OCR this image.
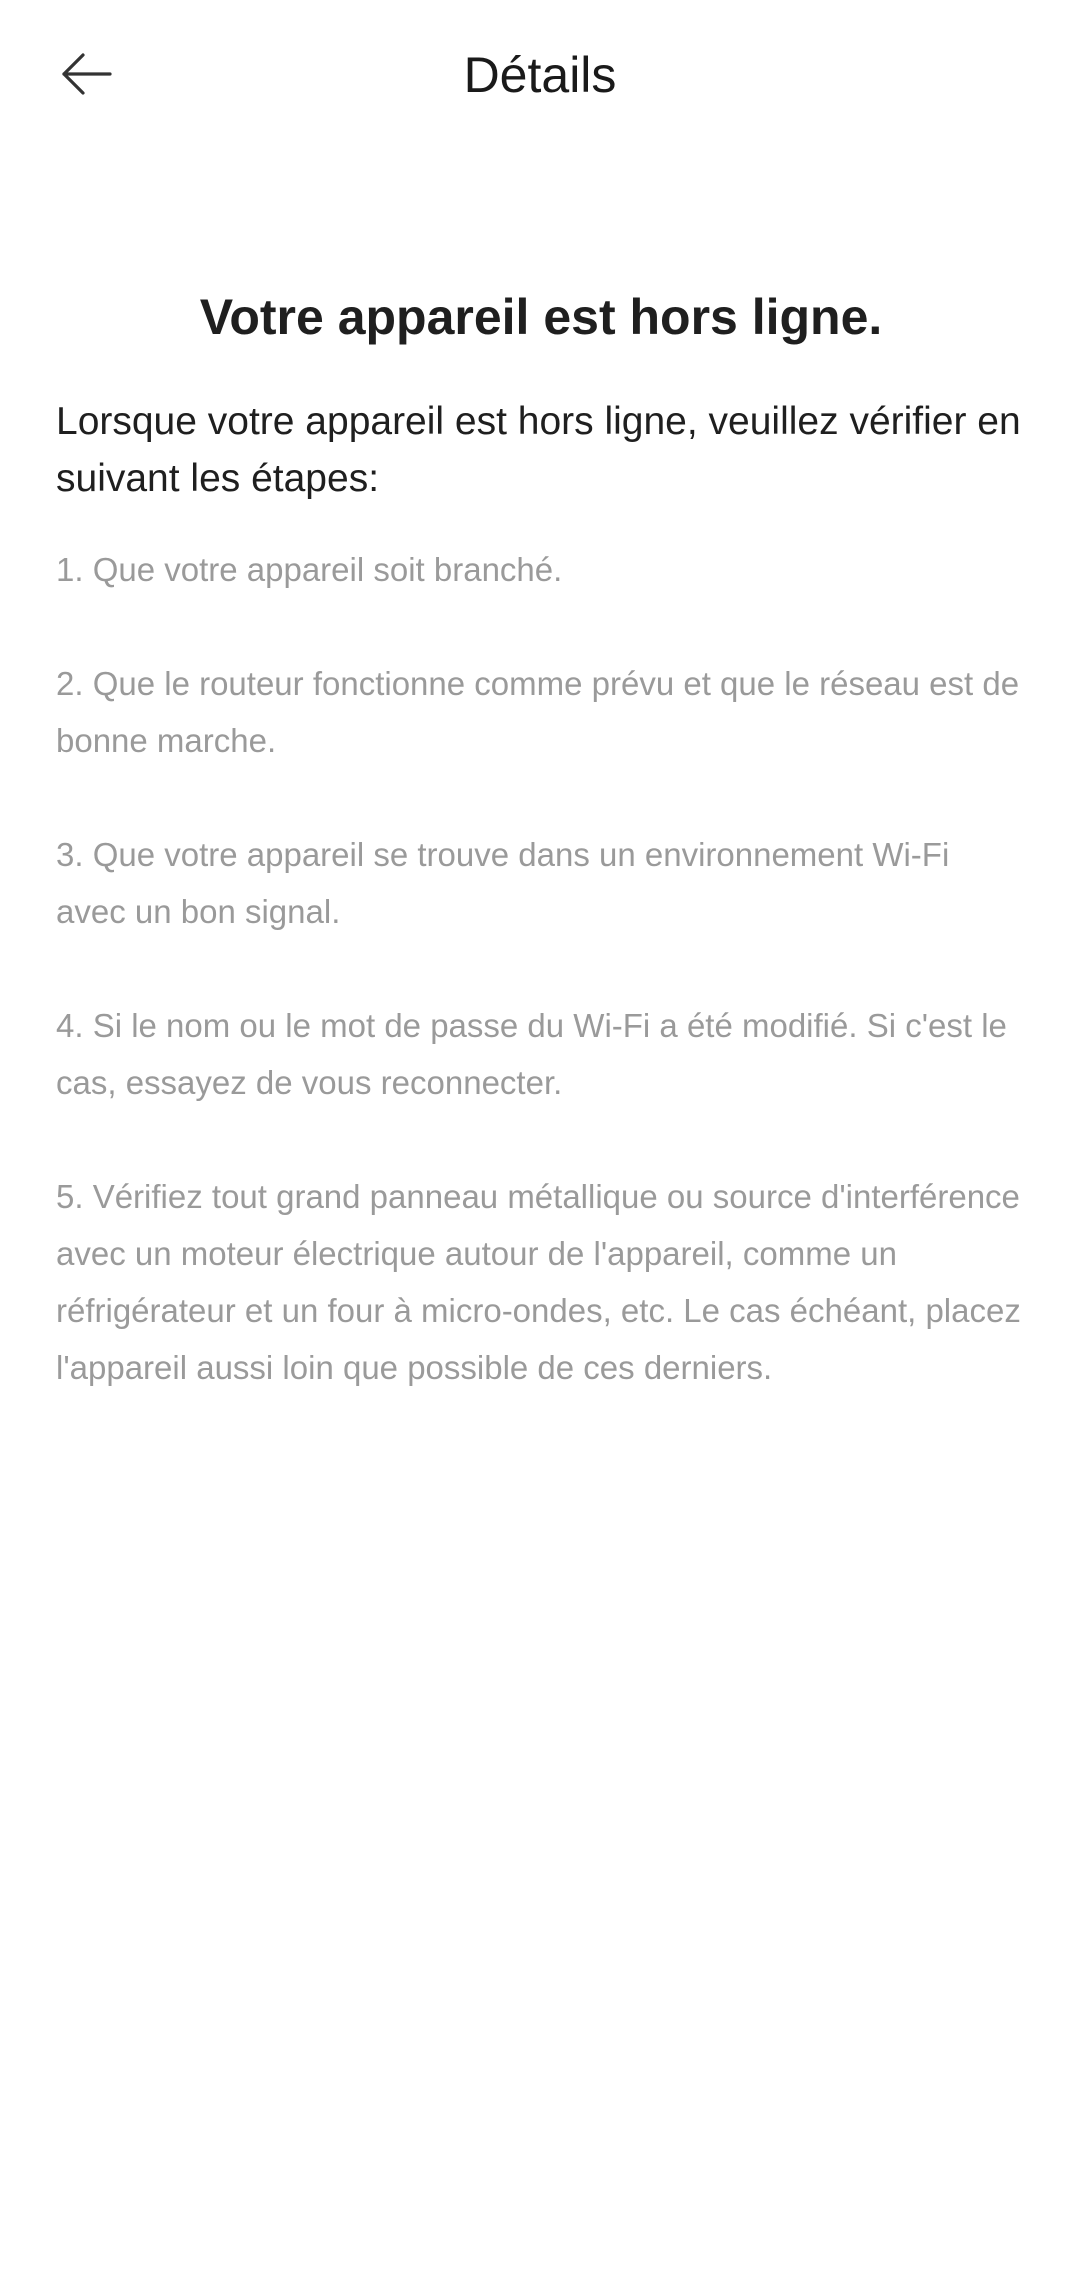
Détails
Votre appareil est hors ligne.

Lorsque votre appareil est hors ligne, veuillez vérifier en suivant les étapes:

1. Que votre appareil soit branché.
2. Que le routeur fonctionne comme prévu et que le réseau est de bonne marche.
3. Que votre appareil se trouve dans un environnement Wi-Fi avec un bon signal.
4. Si le nom ou le mot de passe du Wi-Fi a été modifié. Si c'est le cas, essayez de vous reconnecter.
5. Vérifiez tout grand panneau métallique ou source d'interférence avec un moteur électrique autour de l'appareil, comme un réfrigérateur et un four à micro-ondes, etc. Le cas échéant, placez l'appareil aussi loin que possible de ces derniers.
